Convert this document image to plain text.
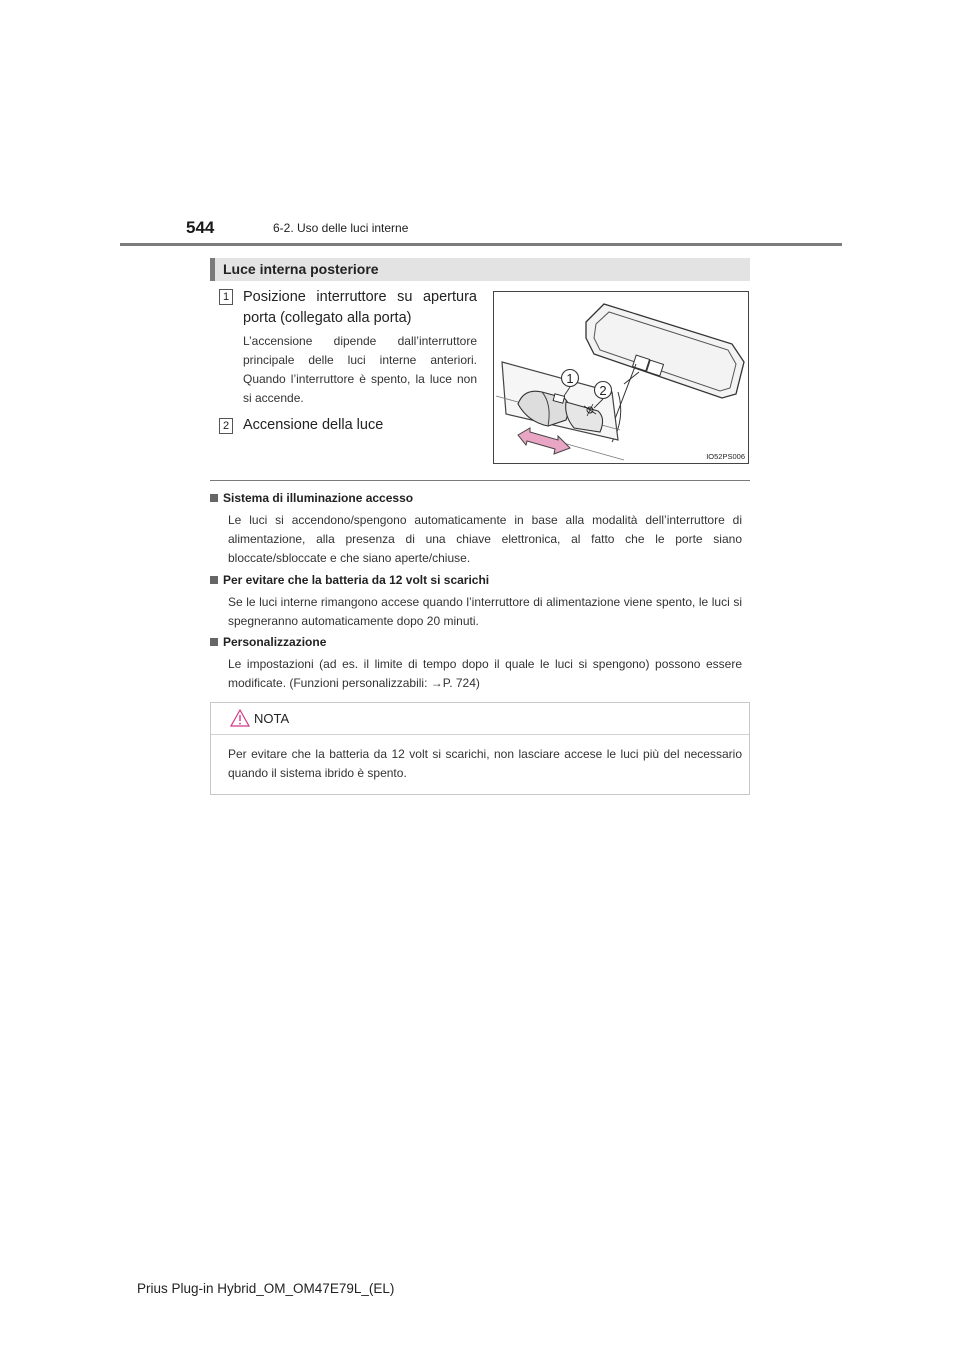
544	6-2. Uso delle luci interne
Luce interna posteriore
1 Posizione interruttore su apertura porta (collegato alla porta)
L’accensione dipende dall’interruttore principale delle luci interne anteriori. Quando l’interruttore è spento, la luce non si accende.
2 Accensione della luce
1
2
IO52PS006
Sistema di illuminazione accesso
Le luci si accendono/spengono automaticamente in base alla modalità dell’interruttore di alimentazione, alla presenza di una chiave elettronica, al fatto che le porte siano bloccate/sbloccate e che siano aperte/chiuse.
Per evitare che la batteria da 12 volt si scarichi
Se le luci interne rimangono accese quando l’interruttore di alimentazione viene spento, le luci si spegneranno automaticamente dopo 20 minuti.
Personalizzazione
Le impostazioni (ad es. il limite di tempo dopo il quale le luci si spengono) possono essere modificate. (Funzioni personalizzabili: →P. 724)
NOTA
Per evitare che la batteria da 12 volt si scarichi, non lasciare accese le luci più del necessario quando il sistema ibrido è spento.
Prius Plug-in Hybrid_OM_OM47E79L_(EL)
